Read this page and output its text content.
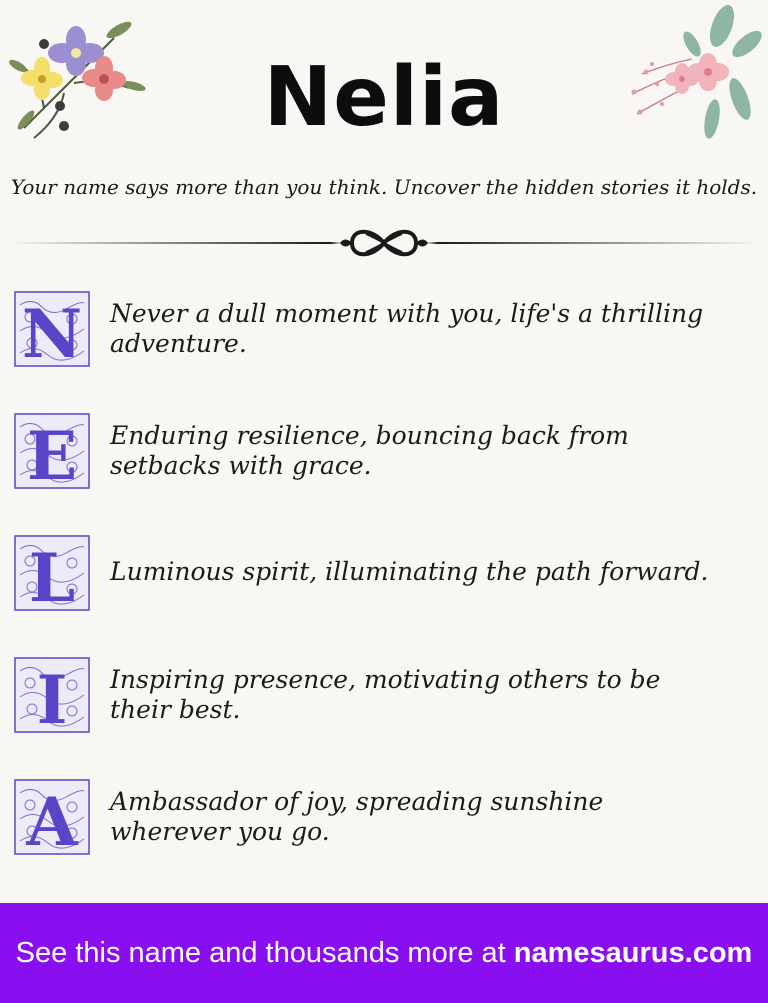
Nelia
Your name says more than you think. Uncover the hidden stories it holds.
N Never a dull moment with you, life's a thrilling adventure.
E Enduring resilience, bouncing back from setbacks with grace.
L Luminous spirit, illuminating the path forward.
I Inspiring presence, motivating others to be their best.
A Ambassador of joy, spreading sunshine wherever you go.
See this name and thousands more at namesaurus.com
